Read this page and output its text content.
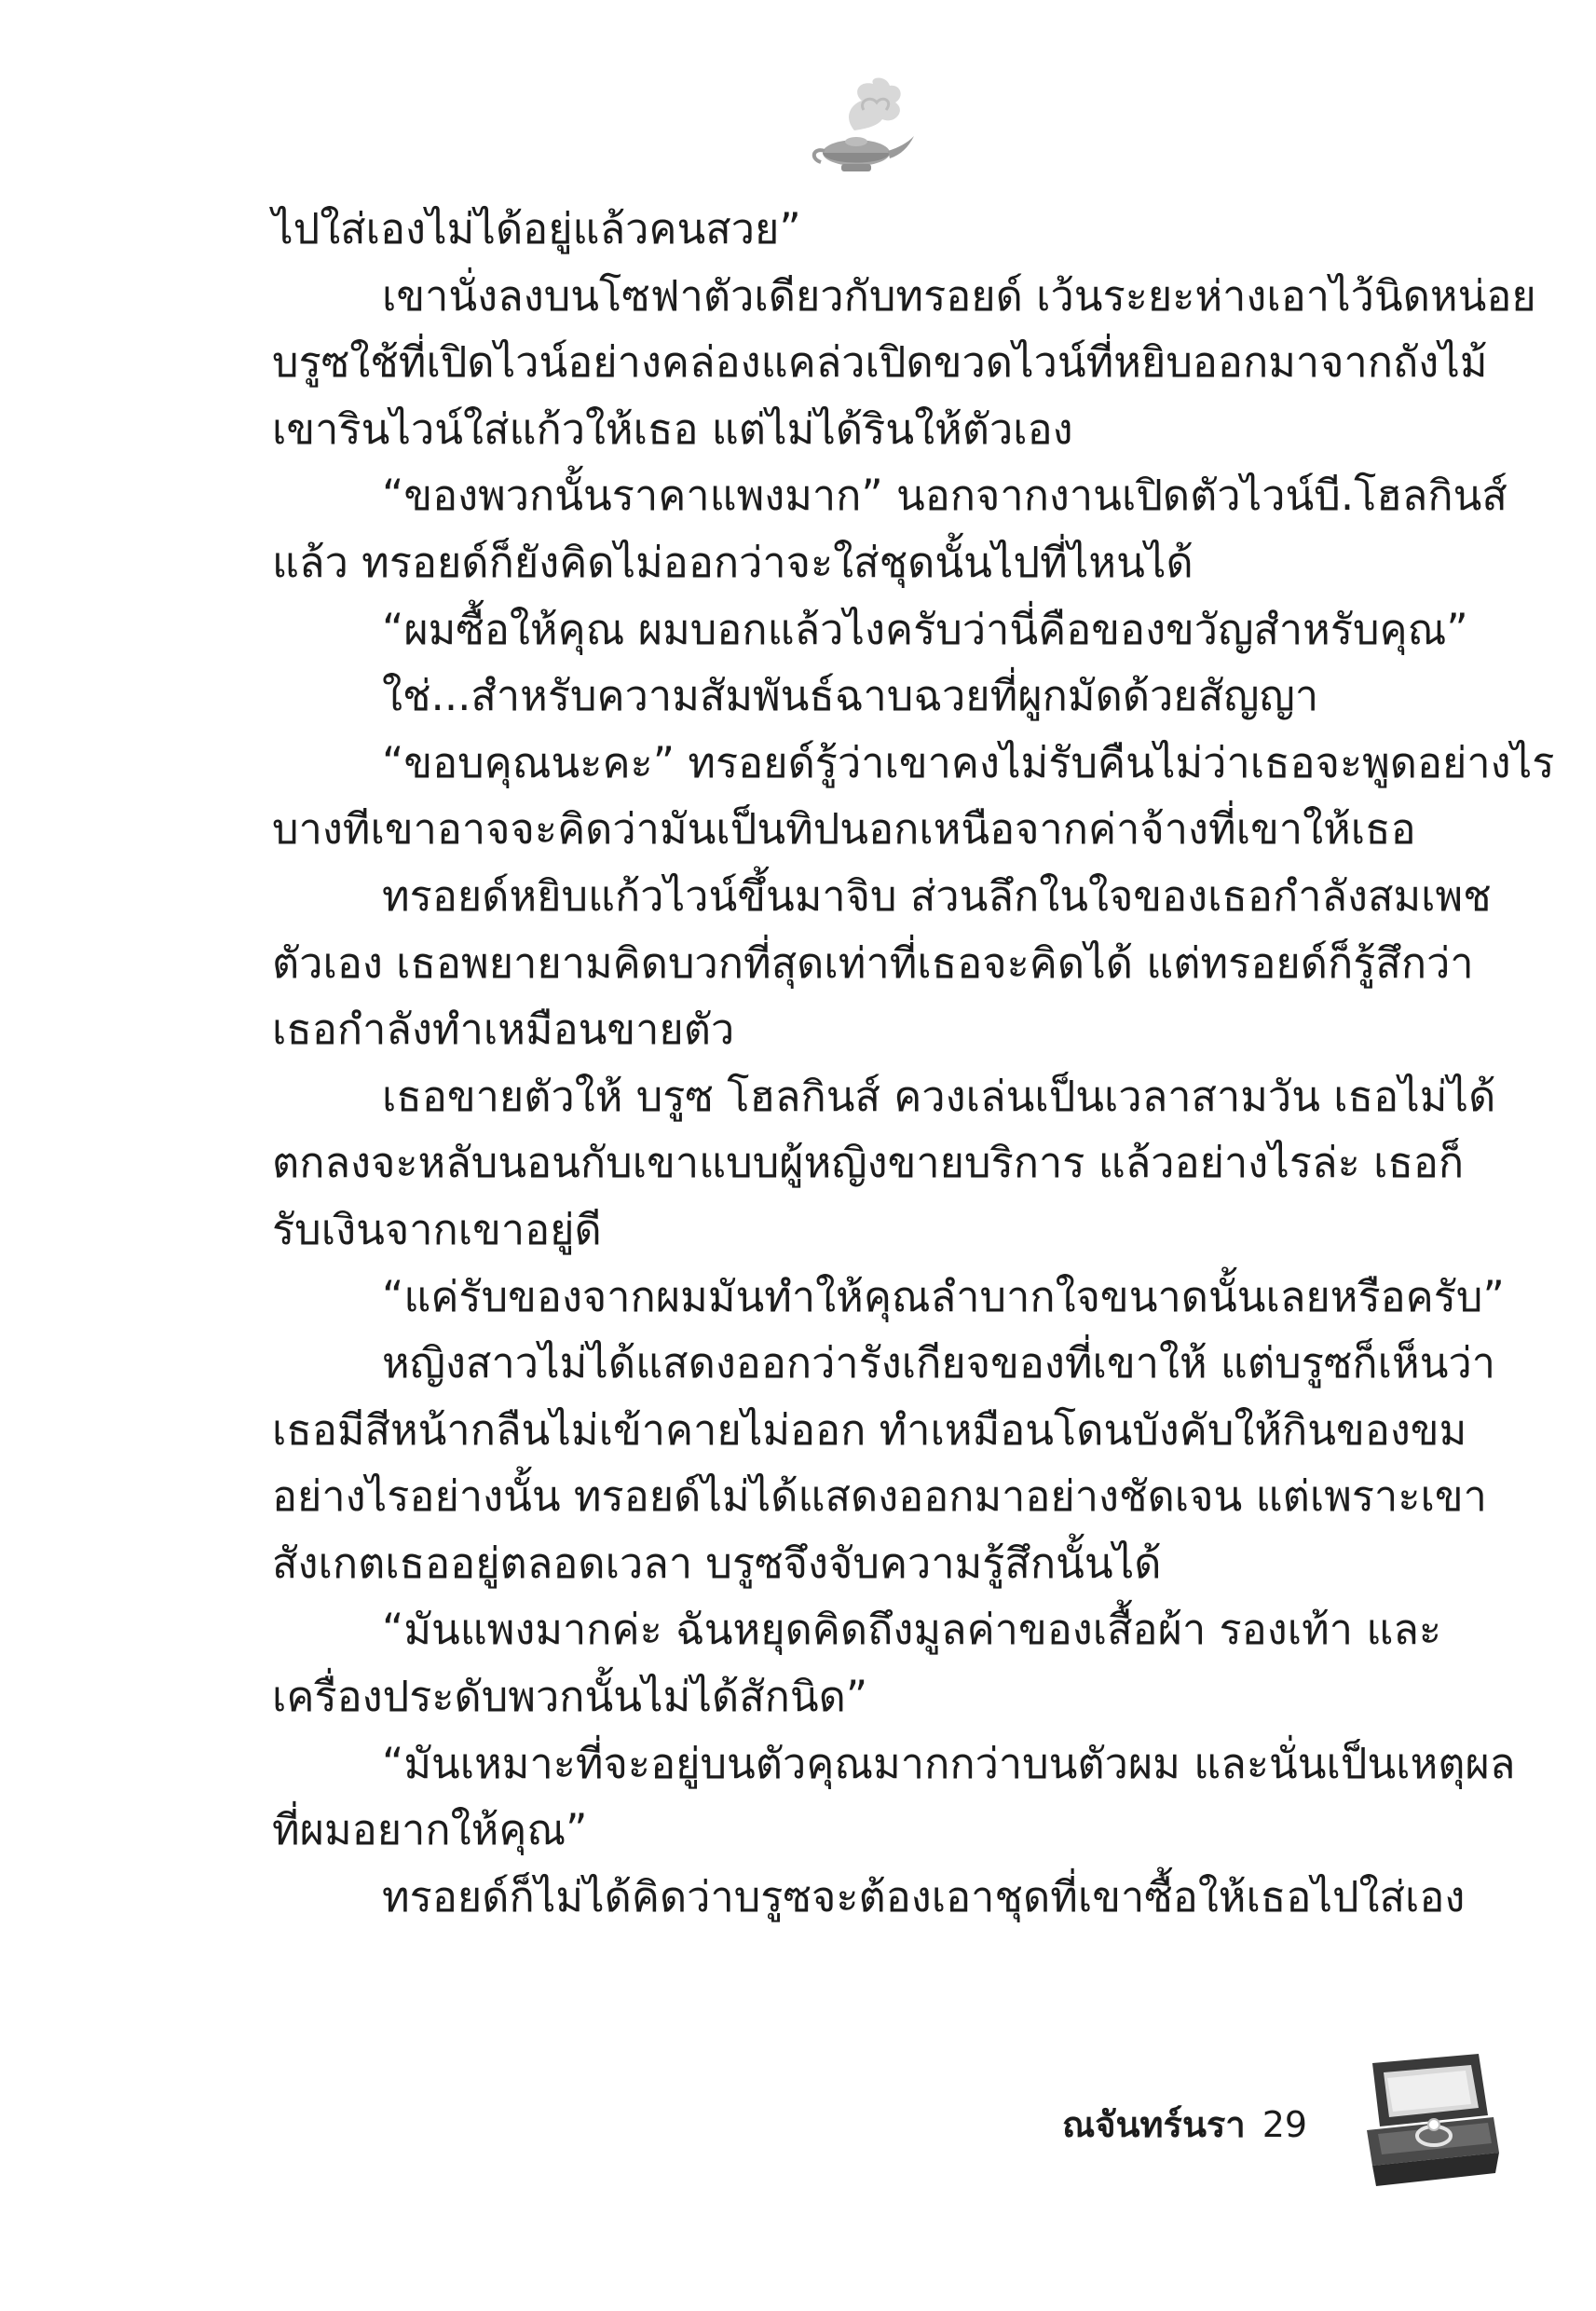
ไปใส่เองไม่ได้อยู่แล้วคนสวย”
เขานั่งลงบนโซฟาตัวเดียวกับทรอยด์ เว้นระยะห่างเอาไว้นิดหน่อย
บรูซใช้ที่เปิดไวน์อย่างคล่องแคล่วเปิดขวดไวน์ที่หยิบออกมาจากถังไม้
เขารินไวน์ใส่แก้วให้เธอ แต่ไม่ได้รินให้ตัวเอง
“ของพวกนั้นราคาแพงมาก” นอกจากงานเปิดตัวไวน์บี.โฮลกินส์
แล้ว ทรอยด์ก็ยังคิดไม่ออกว่าจะใส่ชุดนั้นไปที่ไหนได้
“ผมซื้อให้คุณ ผมบอกแล้วไงครับว่านี่คือของขวัญสำหรับคุณ”
ใช่...สำหรับความสัมพันธ์ฉาบฉวยที่ผูกมัดด้วยสัญญา
“ขอบคุณนะคะ” ทรอยด์รู้ว่าเขาคงไม่รับคืนไม่ว่าเธอจะพูดอย่างไร
บางทีเขาอาจจะคิดว่ามันเป็นทิปนอกเหนือจากค่าจ้างที่เขาให้เธอ
ทรอยด์หยิบแก้วไวน์ขึ้นมาจิบ ส่วนลึกในใจของเธอกำลังสมเพช
ตัวเอง เธอพยายามคิดบวกที่สุดเท่าที่เธอจะคิดได้ แต่ทรอยด์ก็รู้สึกว่า
เธอกำลังทำเหมือนขายตัว
เธอขายตัวให้ บรูซ โฮลกินส์ ควงเล่นเป็นเวลาสามวัน เธอไม่ได้
ตกลงจะหลับนอนกับเขาแบบผู้หญิงขายบริการ แล้วอย่างไรล่ะ เธอก็
รับเงินจากเขาอยู่ดี
“แค่รับของจากผมมันทำให้คุณลำบากใจขนาดนั้นเลยหรือครับ”
หญิงสาวไม่ได้แสดงออกว่ารังเกียจของที่เขาให้ แต่บรูซก็เห็นว่า
เธอมีสีหน้ากลืนไม่เข้าคายไม่ออก ทำเหมือนโดนบังคับให้กินของขม
อย่างไรอย่างนั้น ทรอยด์ไม่ได้แสดงออกมาอย่างชัดเจน แต่เพราะเขา
สังเกตเธออยู่ตลอดเวลา บรูซจึงจับความรู้สึกนั้นได้
“มันแพงมากค่ะ ฉันหยุดคิดถึงมูลค่าของเสื้อผ้า รองเท้า และ
เครื่องประดับพวกนั้นไม่ได้สักนิด”
“มันเหมาะที่จะอยู่บนตัวคุณมากกว่าบนตัวผม และนั่นเป็นเหตุผล
ที่ผมอยากให้คุณ”
ทรอยด์ก็ไม่ได้คิดว่าบรูซจะต้องเอาชุดที่เขาซื้อให้เธอไปใส่เอง
ณจันทร์นรา 29
